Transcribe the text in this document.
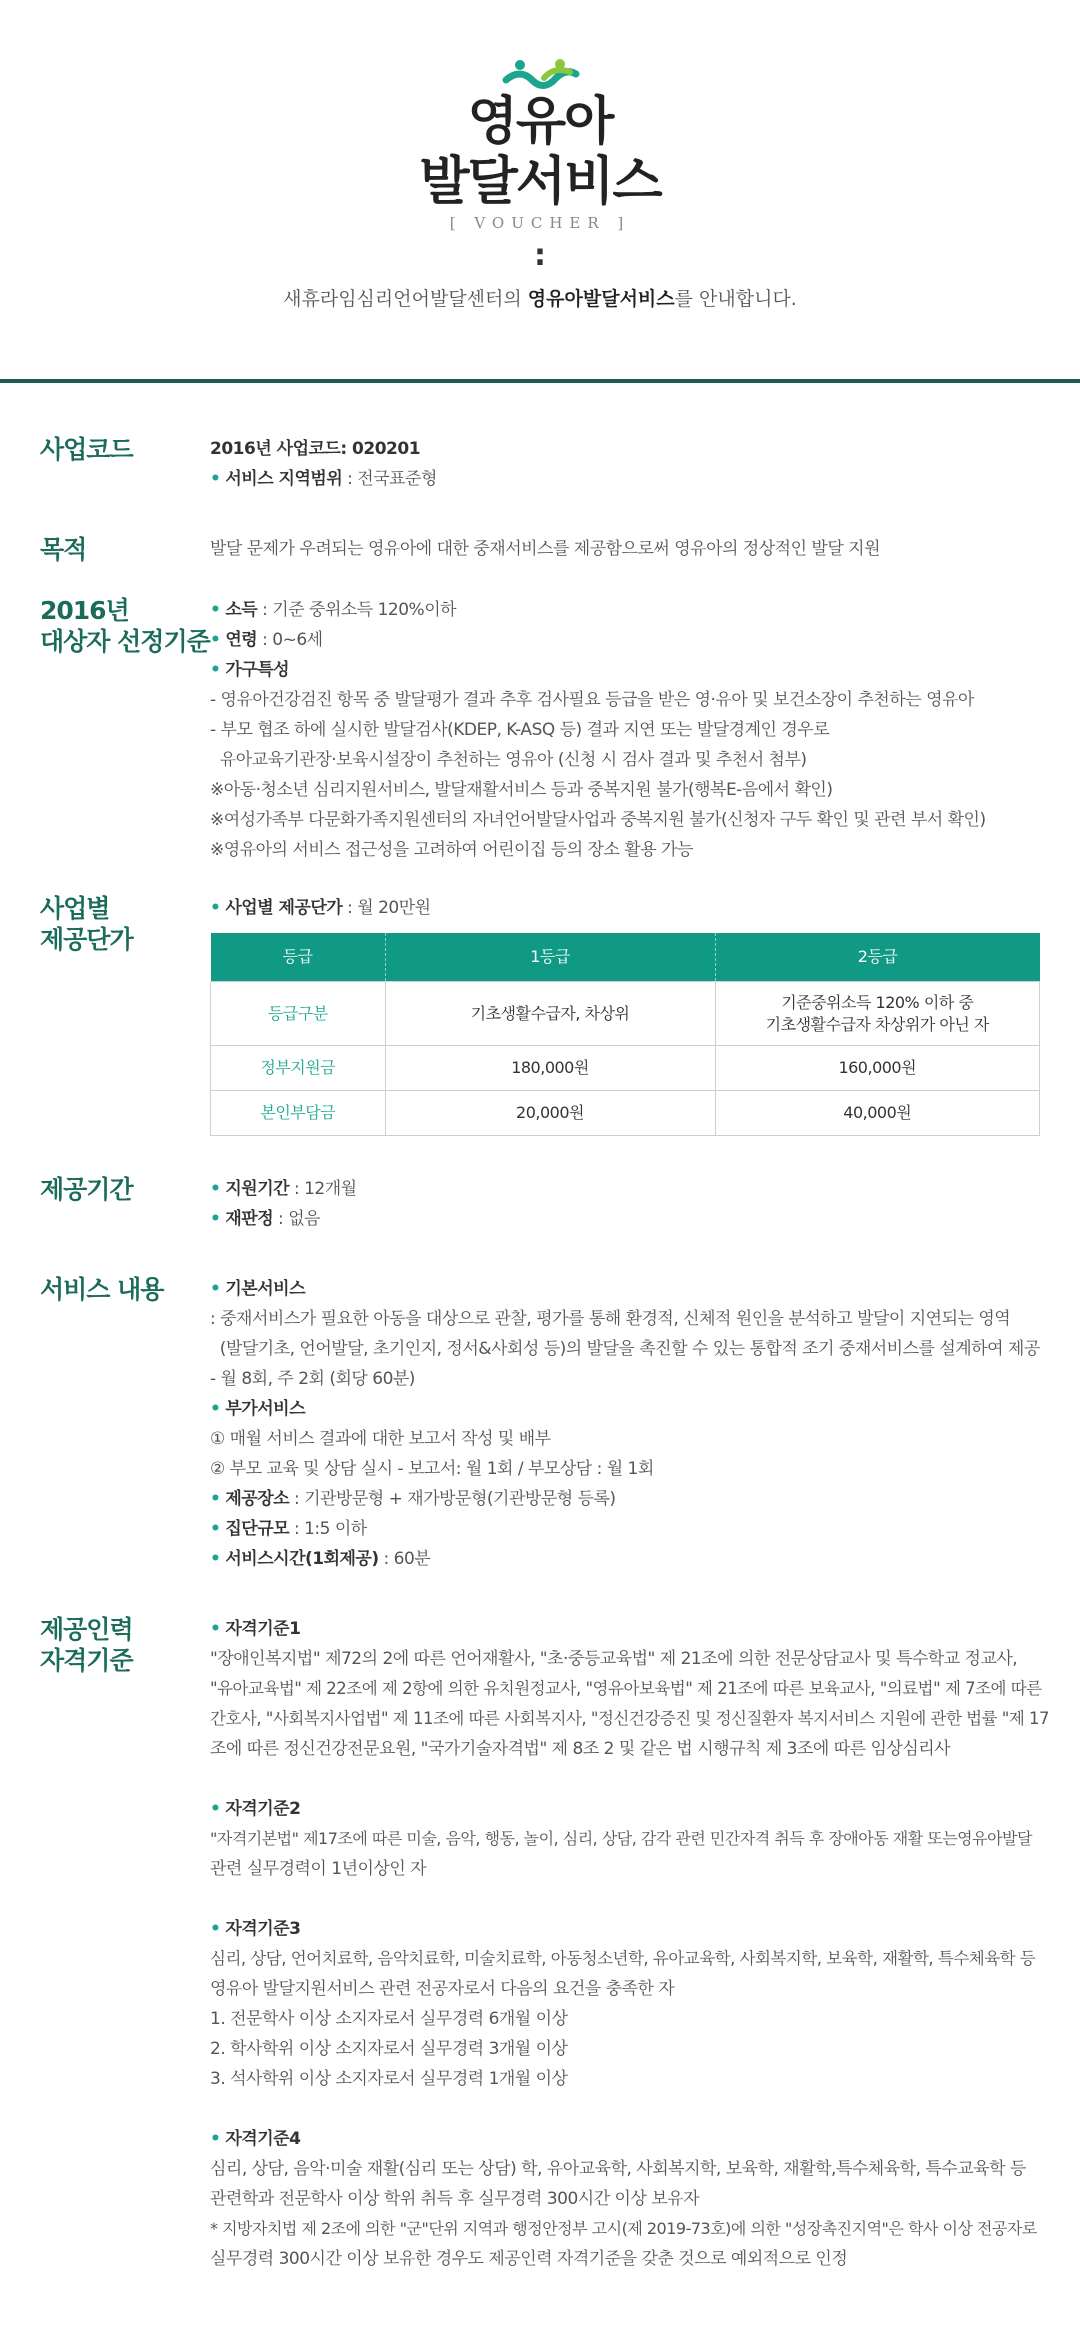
영유아
발달서비스
[ VOUCHER ]
:
새휴라임심리언어발달센터의 영유아발달서비스를 안내합니다.
사업코드	2016년 사업코드: 020201
• 서비스 지역범위 : 전국표준형
목적	발달 문제가 우려되는 영유아에 대한 중재서비스를 제공함으로써 영유아의 정상적인 발달 지원
2016년
대상자 선정기준
• 소득 : 기준 중위소득 120%이하
• 연령 : 0~6세
• 가구특성
- 영유아건강검진 항목 중 발달평가 결과 추후 검사필요 등급을 받은 영·유아 및 보건소장이 추천하는 영유아
- 부모 협조 하에 실시한 발달검사(KDEP, K-ASQ 등) 결과 지연 또는 발달경계인 경우로
유아교육기관장·보육시설장이 추천하는 영유아 (신청 시 검사 결과 및 추천서 첨부)
※아동·청소년 심리지원서비스, 발달재활서비스 등과 중복지원 불가(행복E-음에서 확인)
※여성가족부 다문화가족지원센터의 자녀언어발달사업과 중복지원 불가(신청자 구두 확인 및 관련 부서 확인)
※영유아의 서비스 접근성을 고려하여 어린이집 등의 장소 활용 가능
사업별
제공단가
• 사업별 제공단가 : 월 20만원
등급	1등급	2등급
등급구분	기초생활수급자, 차상위	기준중위소득 120% 이하 중
기초생활수급자 차상위가 아닌 자

정부지원금	180,000원	160,000원
본인부담금	20,000원	40,000원
제공기간	• 지원기간 : 12개월
• 재판정 : 없음
서비스 내용	• 기본서비스
: 중재서비스가 필요한 아동을 대상으로 관찰, 평가를 통해 환경적, 신체적 원인을 분석하고 발달이 지연되는 영역
(발달기초, 언어발달, 초기인지, 정서&사회성 등)의 발달을 촉진할 수 있는 통합적 조기 중재서비스를 설계하여 제공
- 월 8회, 주 2회 (회당 60분)
• 부가서비스
① 매월 서비스 결과에 대한 보고서 작성 및 배부
② 부모 교육 및 상담 실시 - 보고서: 월 1회 / 부모상담 : 월 1회
• 제공장소 : 기관방문형 + 재가방문형(기관방문형 등록)
• 집단규모 : 1:5 이하
• 서비스시간(1회제공) : 60분
제공인력
자격기준
• 자격기준1
"장애인복지법" 제72의 2에 따른 언어재활사, "초·중등교육법" 제 21조에 의한 전문상담교사 및 특수학교 정교사,
"유아교육법" 제 22조에 제 2항에 의한 유치원정교사, "영유아보육법" 제 21조에 따른 보육교사, "의료법" 제 7조에 따른
간호사, "사회복지사업법" 제 11조에 따른 사회복지사, "정신건강증진 및 정신질환자 복지서비스 지원에 관한 법률 "제 17
조에 따른 정신건강전문요원, "국가기술자격법" 제 8조 2 및 같은 법 시행규칙 제 3조에 따른 임상심리사
• 자격기준2
"자격기본법" 제17조에 따른 미술, 음악, 행동, 놀이, 심리, 상담, 감각 관련 민간자격 취득 후 장애아동 재활 또는영유아발달
관련 실무경력이 1년이상인 자
• 자격기준3
심리, 상담, 언어치료학, 음악치료학, 미술치료학, 아동청소년학, 유아교육학, 사회복지학, 보육학, 재활학, 특수체육학 등
영유아 발달지원서비스 관련 전공자로서 다음의 요건을 충족한 자
1. 전문학사 이상 소지자로서 실무경력 6개월 이상
2. 학사학위 이상 소지자로서 실무경력 3개월 이상
3. 석사학위 이상 소지자로서 실무경력 1개월 이상
• 자격기준4
심리, 상담, 음악·미술 재활(심리 또는 상담) 학, 유아교육학, 사회복지학, 보육학, 재활학,특수체육학, 특수교육학 등
관련학과 전문학사 이상 학위 취득 후 실무경력 300시간 이상 보유자
* 지방자치법 제 2조에 의한 "군"단위 지역과 행정안정부 고시(제 2019-73호)에 의한 "성장촉진지역"은 학사 이상 전공자로
실무경력 300시간 이상 보유한 경우도 제공인력 자격기준을 갖춘 것으로 예외적으로 인정
